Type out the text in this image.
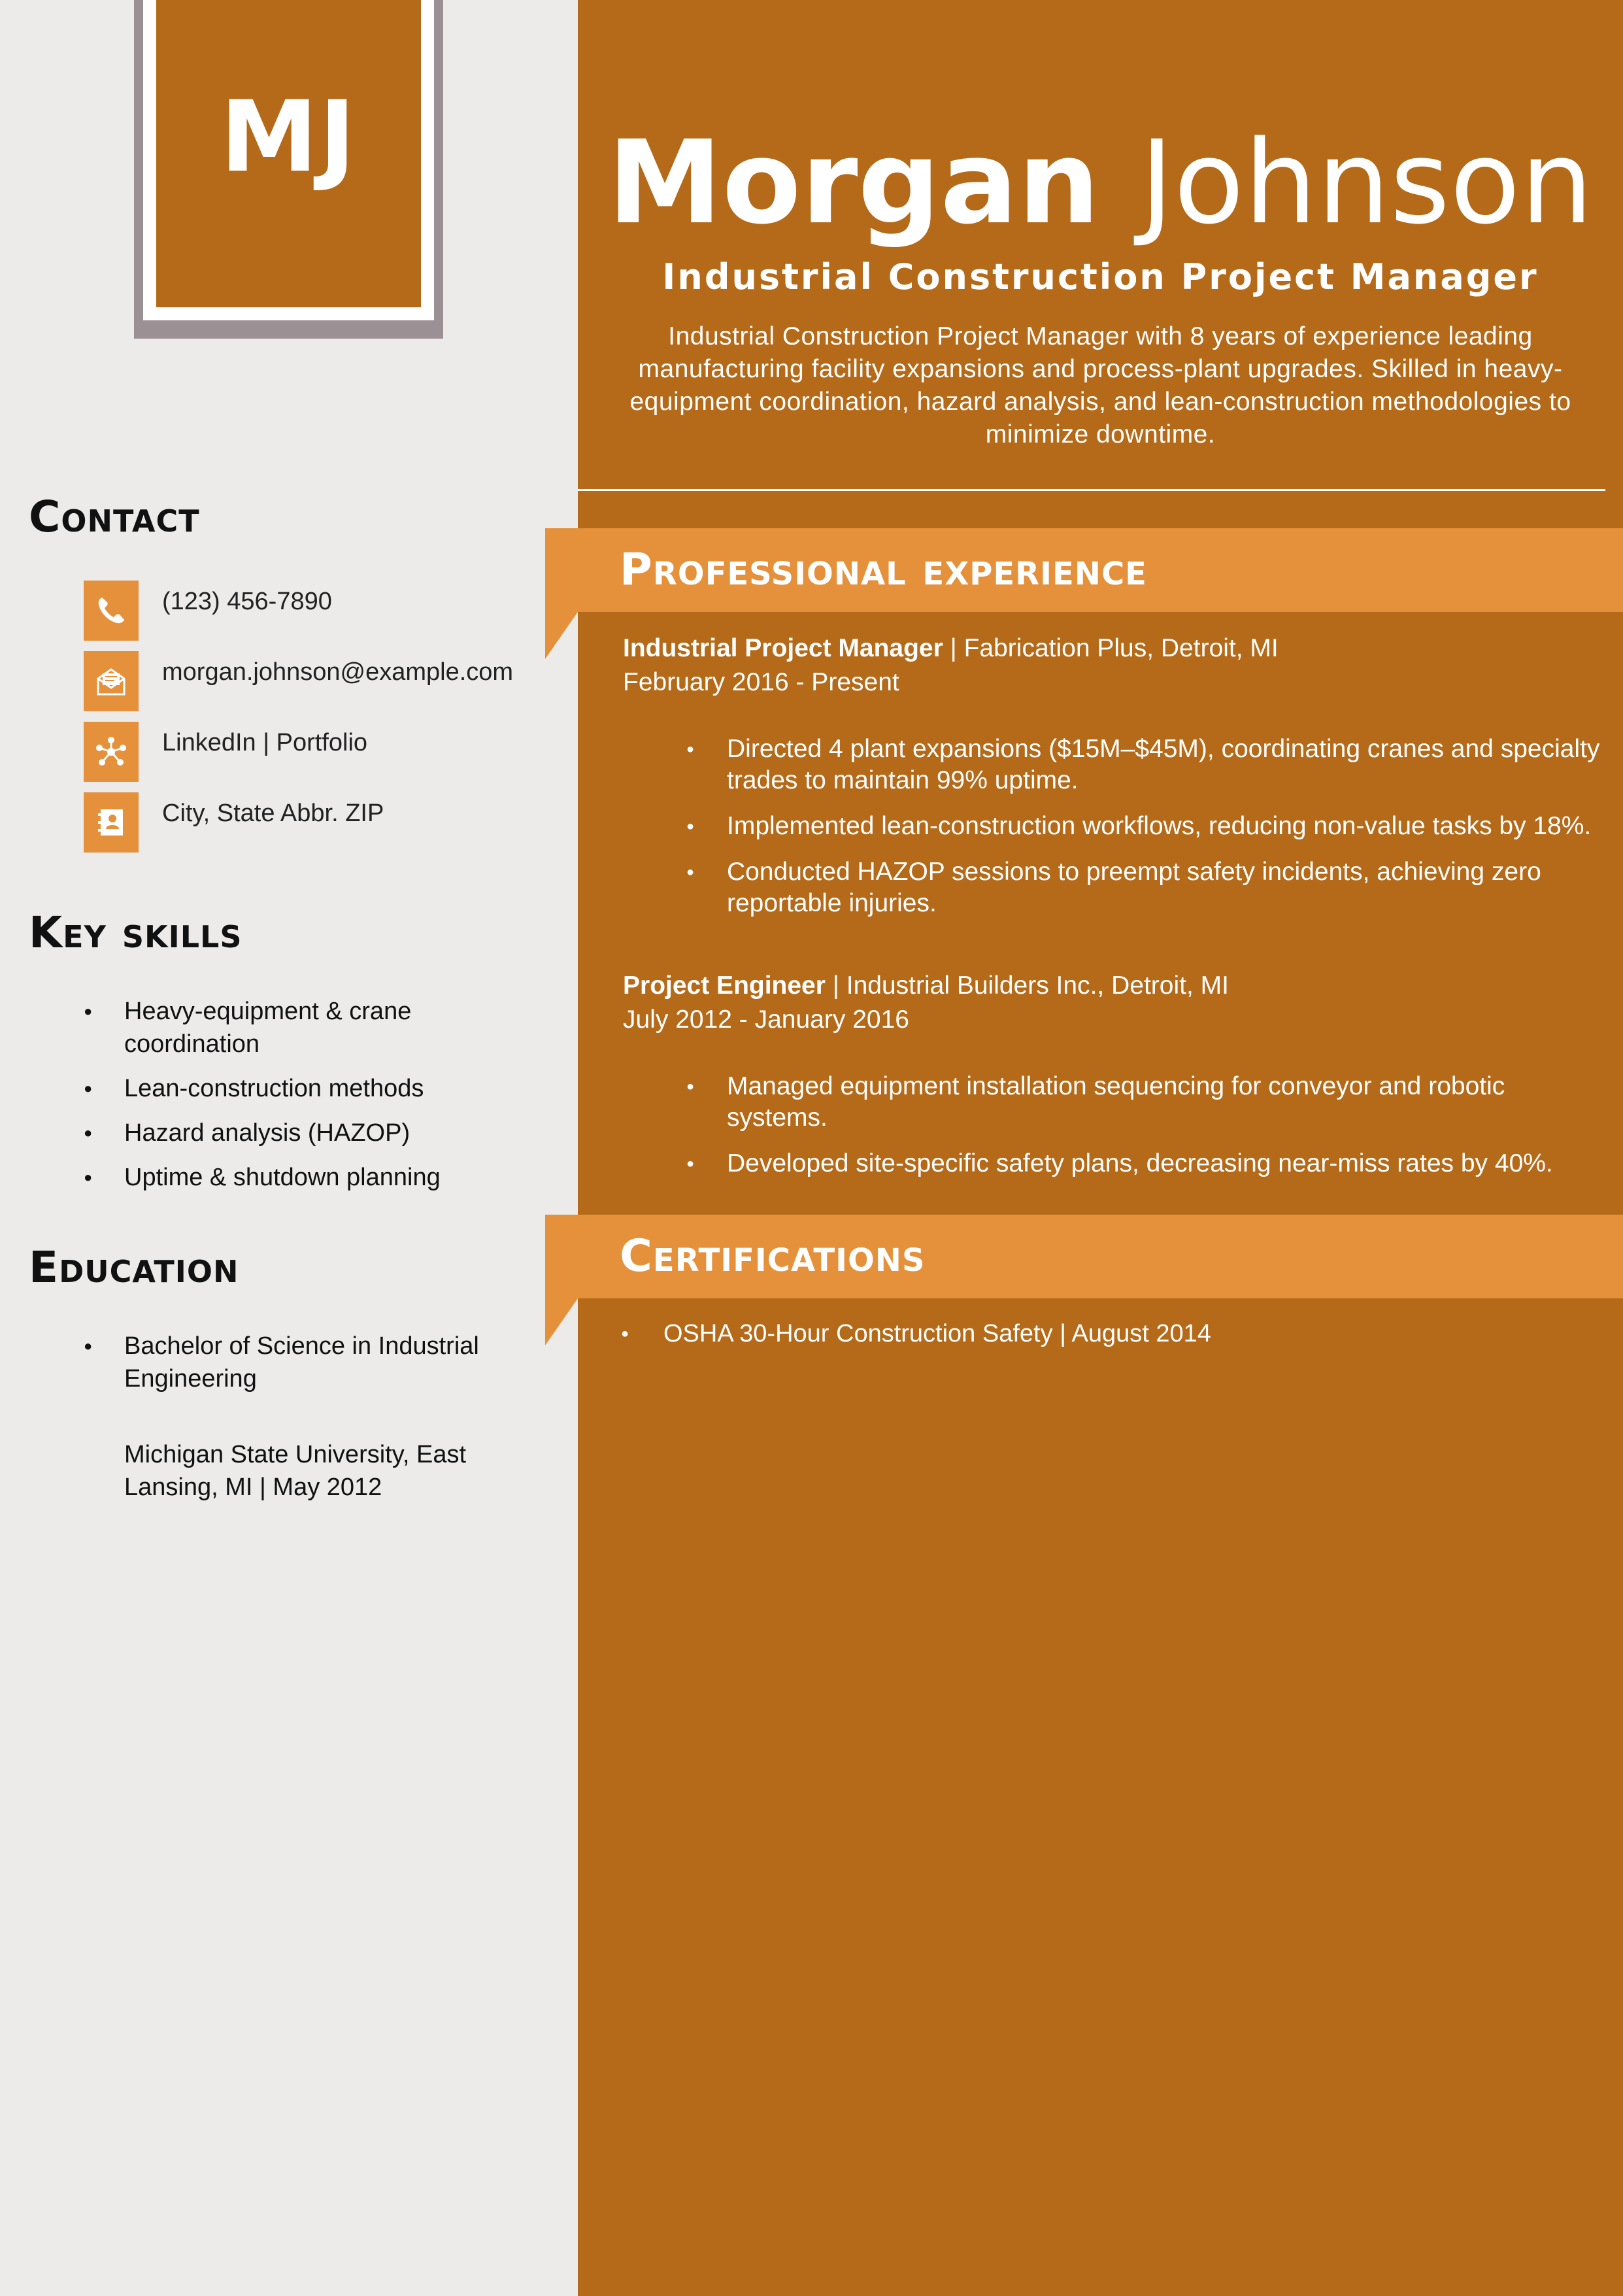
MJ Morgan Johnson

Industrial Construction Project Manager

Industrial Construction Project Manager with 8 years of experience leading manufacturing facility expansions and process-plant upgrades. Skilled in heavy-equipment coordination, hazard analysis, and lean-construction methodologies to minimize downtime.

Contact
(123) 456-7890
morgan.johnson@example.com
LinkedIn | Portfolio
City, State Abbr. ZIP
Key skills
● Heavy-equipment & crane coordination
● Lean-construction methods
● Hazard analysis (HAZOP)
● Uptime & shutdown planning
Education
● Bachelor of Science in Industrial Engineering
Michigan State University, East Lansing, MI | May 2012
Professional experience

Industrial Project Manager | Fabrication Plus, Detroit, MI

February 2016 - Present

● Directed 4 plant expansions ($15M–$45M), coordinating cranes and specialty trades to maintain 99% uptime.
● Implemented lean-construction workflows, reducing non-value tasks by 18%.
● Conducted HAZOP sessions to preempt safety incidents, achieving zero reportable injuries.

Project Engineer | Industrial Builders Inc., Detroit, MI

July 2012 - January 2016

● Managed equipment installation sequencing for conveyor and robotic systems.
● Developed site-specific safety plans, decreasing near-miss rates by 40%.
Certifications
● OSHA 30-Hour Construction Safety | August 2014
